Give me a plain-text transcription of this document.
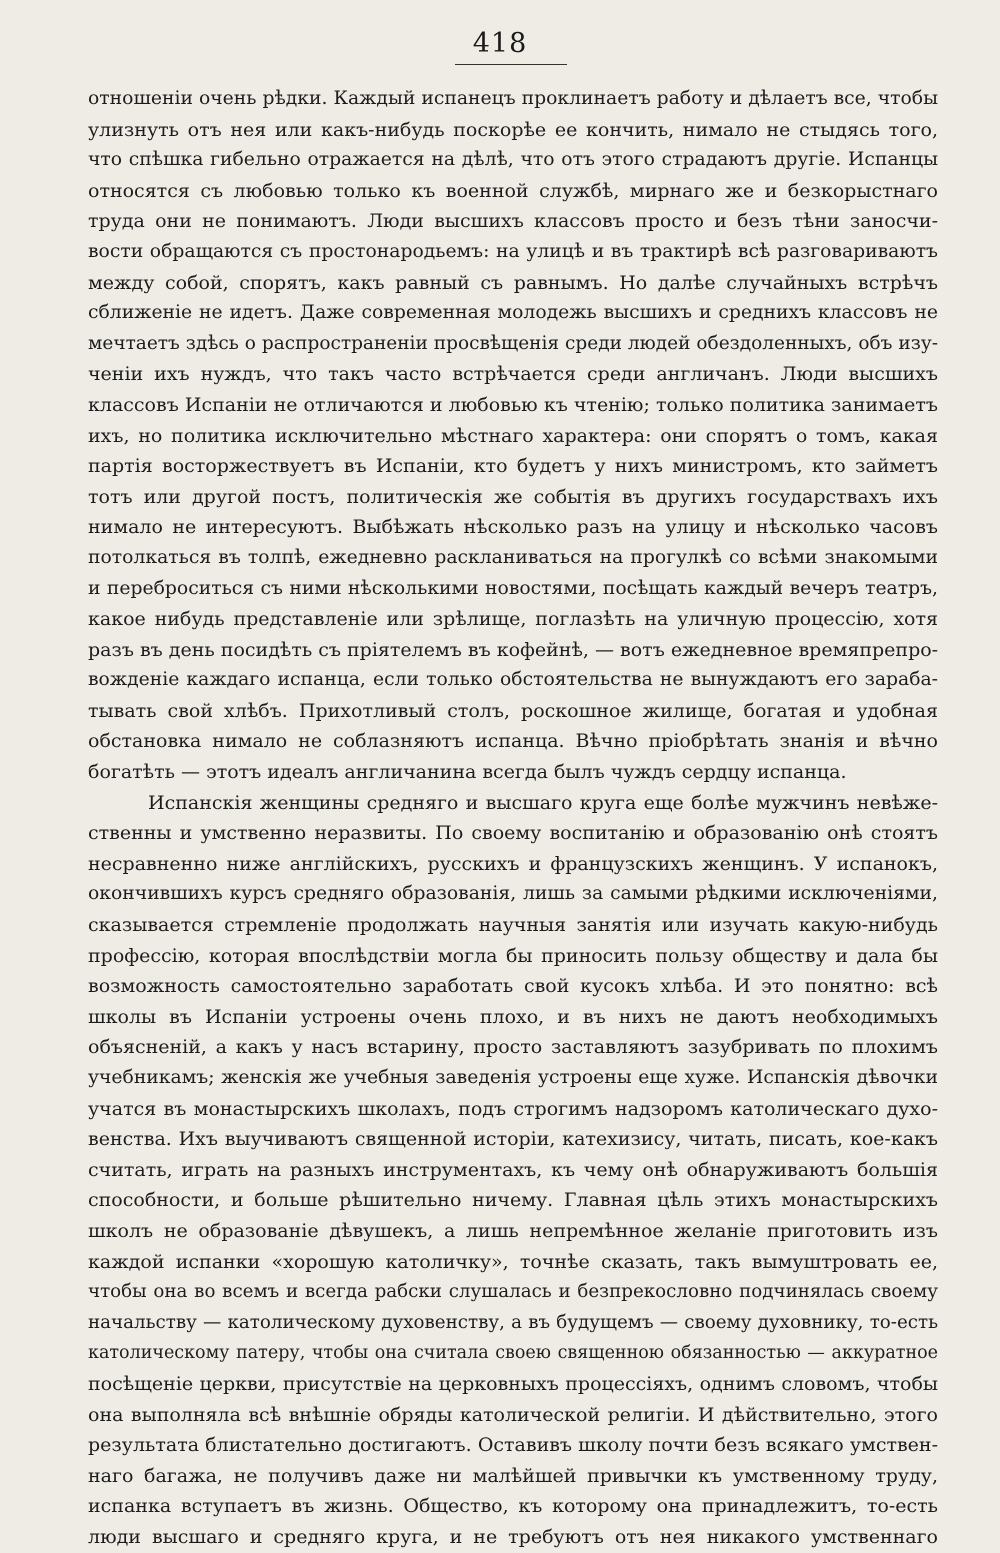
418
отношеніи очень рѣдки. Каждый испанецъ проклинаетъ работу и дѣлаетъ все, чтобы
улизнуть отъ нея или какъ-нибудь поскорѣе ее кончить, нимало не стыдясь того,
что спѣшка гибельно отражается на дѣлѣ, что отъ этого страдаютъ другіе. Испанцы
относятся съ любовью только къ военной службѣ, мирнаго же и безкорыстнаго
труда они не понимаютъ. Люди высшихъ классовъ просто и безъ тѣни заносчи-
вости обращаются съ простонародьемъ: на улицѣ и въ трактирѣ всѣ разговариваютъ
между собой, спорятъ, какъ равный съ равнымъ. Но далѣе случайныхъ встрѣчъ
сближеніе не идетъ. Даже современная молодежь высшихъ и среднихъ классовъ не
мечтаетъ здѣсь о распространеніи просвѣщенія среди людей обездоленныхъ, объ изу-
ченіи ихъ нуждъ, что такъ часто встрѣчается среди англичанъ. Люди высшихъ
классовъ Испаніи не отличаются и любовью къ чтенію; только политика занимаетъ
ихъ, но политика исключительно мѣстнаго характера: они спорятъ о томъ, какая
партія восторжествуетъ въ Испаніи, кто будетъ у нихъ министромъ, кто займетъ
тотъ или другой постъ, политическія же событія въ другихъ государствахъ ихъ
нимало не интересуютъ. Выбѣжать нѣсколько разъ на улицу и нѣсколько часовъ
потолкаться въ толпѣ, ежедневно раскланиваться на прогулкѣ со всѣми знакомыми
и переброситься съ ними нѣсколькими новостями, посѣщать каждый вечеръ театръ,
какое нибудь представленіе или зрѣлище, поглазѣть на уличную процессію, хотя
разъ въ день посидѣть съ пріятелемъ въ кофейнѣ, — вотъ ежедневное времяпрепро-
вожденіе каждаго испанца, если только обстоятельства не вынуждаютъ его зараба-
тывать свой хлѣбъ. Прихотливый столъ, роскошное жилище, богатая и удобная
обстановка нимало не соблазняютъ испанца. Вѣчно пріобрѣтать знанія и вѣчно
богатѣть — этотъ идеалъ англичанина всегда былъ чуждъ сердцу испанца.
Испанскія женщины средняго и высшаго круга еще болѣе мужчинъ невѣже-
ственны и умственно неразвиты. По своему воспитанію и образованію онѣ стоятъ
несравненно ниже англійскихъ, русскихъ и французскихъ женщинъ. У испанокъ,
окончившихъ курсъ средняго образованія, лишь за самыми рѣдкими исключеніями,
сказывается стремленіе продолжать научныя занятія или изучать какую-нибудь
профессію, которая впослѣдствіи могла бы приносить пользу обществу и дала бы
возможность самостоятельно заработать свой кусокъ хлѣба. И это понятно: всѣ
школы въ Испаніи устроены очень плохо, и въ нихъ не даютъ необходимыхъ
объясненій, а какъ у насъ встарину, просто заставляютъ зазубривать по плохимъ
учебникамъ; женскія же учебныя заведенія устроены еще хуже. Испанскія дѣвочки
учатся въ монастырскихъ школахъ, подъ строгимъ надзоромъ католическаго духо-
венства. Ихъ выучиваютъ священной исторіи, катехизису, читать, писать, кое-какъ
считать, играть на разныхъ инструментахъ, къ чему онѣ обнаруживаютъ большія
способности, и больше рѣшительно ничему. Главная цѣль этихъ монастырскихъ
школъ не образованіе дѣвушекъ, а лишь непремѣнное желаніе приготовить изъ
каждой испанки «хорошую католичку», точнѣе сказать, такъ вымуштровать ее,
чтобы она во всемъ и всегда рабски слушалась и безпрекословно подчинялась своему
начальству — католическому духовенству, а въ будущемъ — своему духовнику, то-есть
католическому патеру, чтобы она считала своею священною обязанностью — аккуратное
посѣщеніе церкви, присутствіе на церковныхъ процессіяхъ, однимъ словомъ, чтобы
она выполняла всѣ внѣшніе обряды католической религіи. И дѣйствительно, этого
результата блистательно достигаютъ. Оставивъ школу почти безъ всякаго умствен-
наго багажа, не получивъ даже ни малѣйшей привычки къ умственному труду,
испанка вступаетъ въ жизнь. Общество, къ которому она принадлежитъ, то-есть
люди высшаго и средняго круга, и не требуютъ отъ нея никакого умственнаго
